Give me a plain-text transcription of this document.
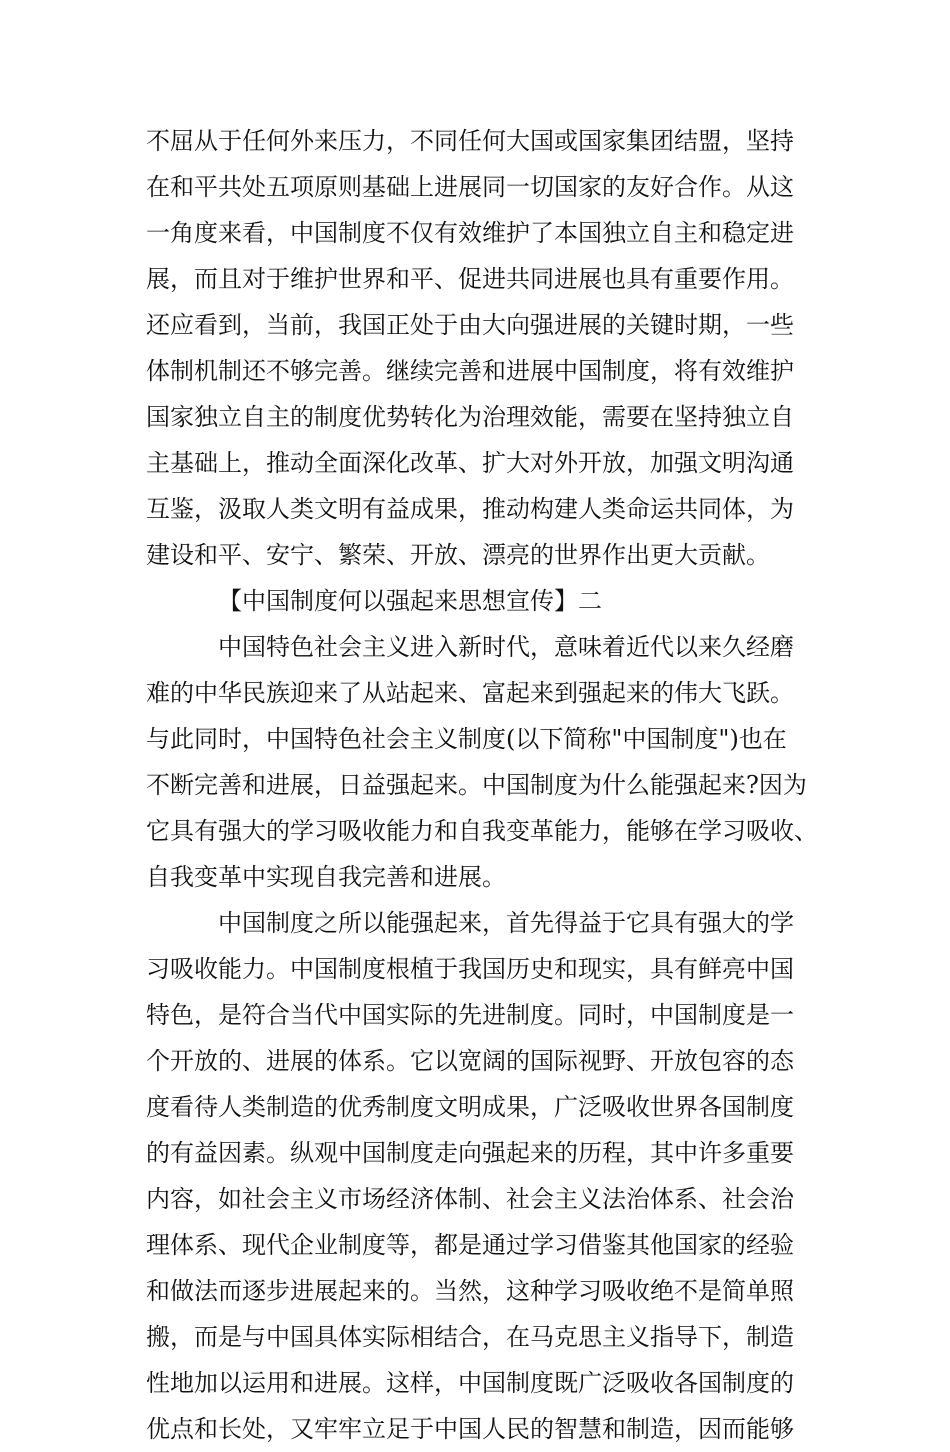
不屈从于任何外来压力，不同任何大国或国家集团结盟，坚持
在和平共处五项原则基础上进展同一切国家的友好合作。从这
一角度来看，中国制度不仅有效维护了本国独立自主和稳定进
展，而且对于维护世界和平、促进共同进展也具有重要作用。
还应看到，当前，我国正处于由大向强进展的关键时期，一些
体制机制还不够完善。继续完善和进展中国制度，将有效维护
国家独立自主的制度优势转化为治理效能，需要在坚持独立自
主基础上，推动全面深化改革、扩大对外开放，加强文明沟通
互鉴，汲取人类文明有益成果，推动构建人类命运共同体，为
建设和平、安宁、繁荣、开放、漂亮的世界作出更大贡献。
【中国制度何以强起来思想宣传】二
中国特色社会主义进入新时代，意味着近代以来久经磨
难的中华民族迎来了从站起来、富起来到强起来的伟大飞跃。
与此同时，中国特色社会主义制度(以下简称"中国制度")也在
不断完善和进展，日益强起来。中国制度为什么能强起来?因为
它具有强大的学习吸收能力和自我变革能力，能够在学习吸收、
自我变革中实现自我完善和进展。
中国制度之所以能强起来，首先得益于它具有强大的学
习吸收能力。中国制度根植于我国历史和现实，具有鲜亮中国
特色，是符合当代中国实际的先进制度。同时，中国制度是一
个开放的、进展的体系。它以宽阔的国际视野、开放包容的态
度看待人类制造的优秀制度文明成果，广泛吸收世界各国制度
的有益因素。纵观中国制度走向强起来的历程，其中许多重要
内容，如社会主义市场经济体制、社会主义法治体系、社会治
理体系、现代企业制度等，都是通过学习借鉴其他国家的经验
和做法而逐步进展起来的。当然，这种学习吸收绝不是简单照
搬，而是与中国具体实际相结合，在马克思主义指导下，制造
性地加以运用和进展。这样，中国制度既广泛吸收各国制度的
优点和长处，又牢牢立足于中国人民的智慧和制造，因而能够
